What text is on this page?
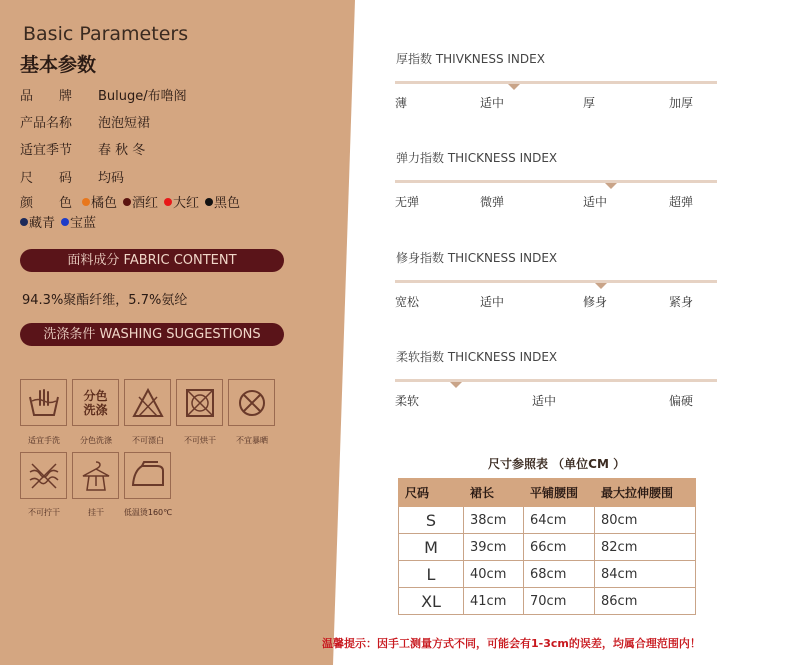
Basic Parameters
基本参数
品　　牌 Buluge/布噜阁
产品名称 泡泡短裙
适宜季节 春 秋 冬
尺　　码 均码
颜　　色 橘色 酒红 大红 黑色
藏青 宝蓝
面料成分 FABRIC CONTENT
94.3%聚酯纤维，5.7%氨纶
洗涤条件 WASHING SUGGESTIONS
适宜手洗
分色
洗涤
分色洗涤	不可漂白	不可烘干	不宜暴晒
不可拧干	挂干	低温烫160℃
厚指数 THIVKNESS INDEX
薄	适中	厚	加厚
弹力指数 THICKNESS INDEX
无弹	微弹	适中	超弹
修身指数 THICKNESS INDEX
宽松	适中	修身	紧身
柔软指数 THICKNESS INDEX
柔软	适中	偏硬
尺寸参照表 （单位CM ）
尺码	裙长	平铺腰围	最大拉伸腰围
S	38cm	64cm	80cm
M	39cm	66cm	82cm
L	40cm	68cm	84cm
XL	41cm	70cm	86cm
温馨提示：因手工测量方式不同，可能会有1-3cm的误差，均属合理范围内！
